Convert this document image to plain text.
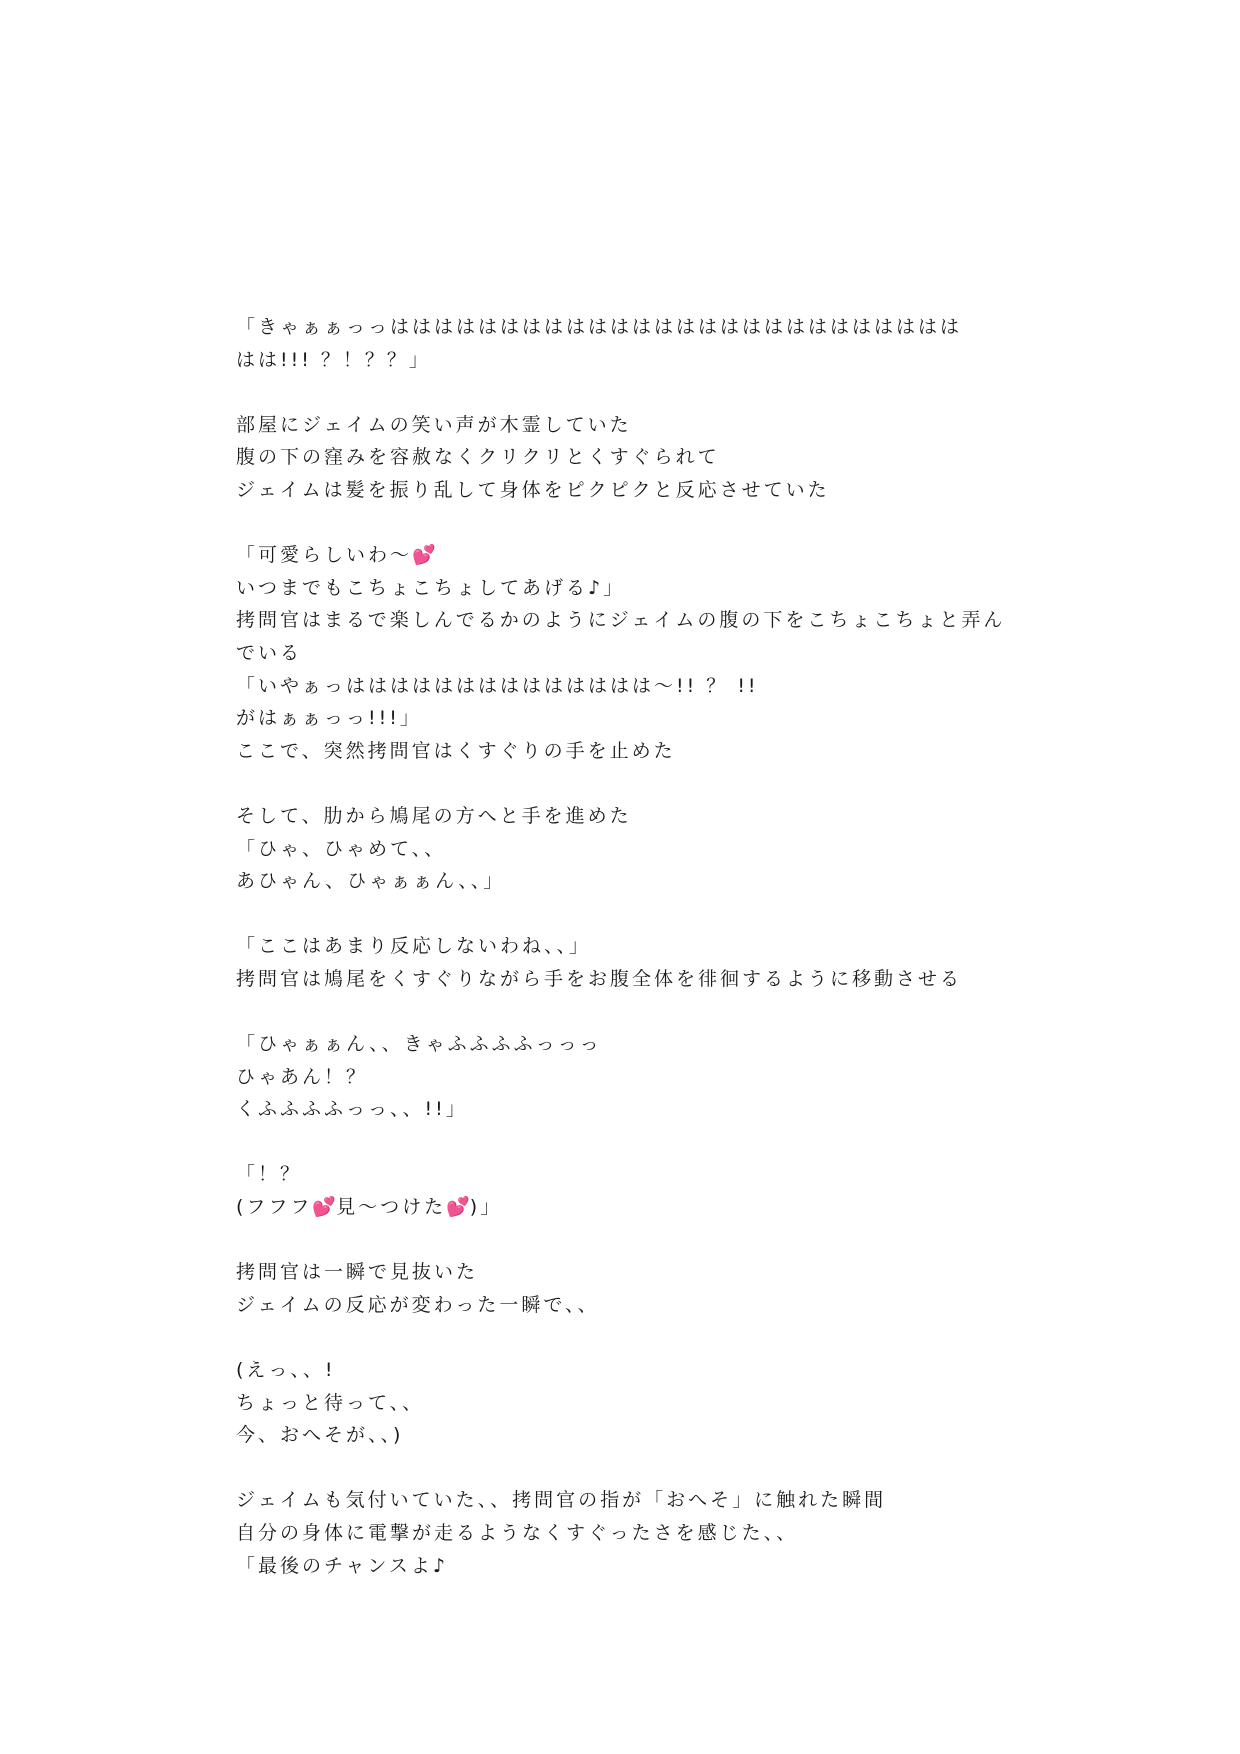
「きゃぁぁっっはははははははははははははははははははははははははは
はは!!! ？！？？」
部屋にジェイムの笑い声が木霊していた
腹の下の窪みを容赦なくクリクリとくすぐられて
ジェイムは髪を振り乱して身体をピクピクと反応させていた
「可愛らしいわ〜💕
いつまでもこちょこちょしてあげる♪」
拷問官はまるで楽しんでるかのようにジェイムの腹の下をこちょこちょと弄ん
でいる
「いやぁっはははははははははははははは〜!! ？ !!
がはぁぁっっ!!!」
ここで、突然拷問官はくすぐりの手を止めた
そして、肋から鳩尾の方へと手を進めた
「ひゃ、ひゃめて、、
あひゃん、ひゃぁぁん、、」
「ここはあまり反応しないわね、、」
拷問官は鳩尾をくすぐりながら手をお腹全体を徘徊するように移動させる
「ひゃぁぁん、、きゃふふふふっっっ
ひゃあん！？
くふふふふっっ、、!!」
「！？
(フフフ💕見〜つけた💕)」
拷問官は一瞬で見抜いた
ジェイムの反応が変わった一瞬で、、
(えっ、、!
ちょっと待って、、
今、おへそが、、)
ジェイムも気付いていた、、拷問官の指が「おへそ」に触れた瞬間
自分の身体に電撃が走るようなくすぐったさを感じた、、
「最後のチャンスよ♪
